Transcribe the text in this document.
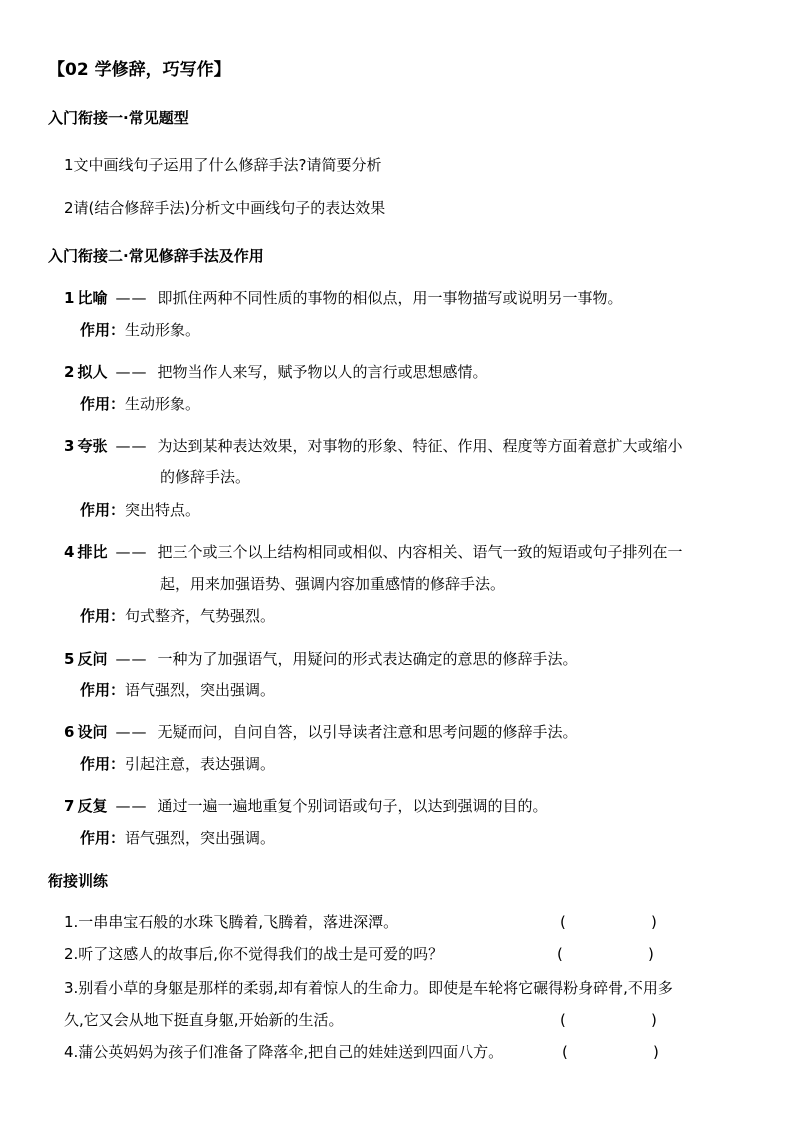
【02 学修辞，巧写作】
入门衔接一·常见题型
1文中画线句子运用了什么修辞手法?请简要分析
2请(结合修辞手法)分析文中画线句子的表达效果
入门衔接二·常见修辞手法及作用
1 比喻 —— 即抓住两种不同性质的事物的相似点，用一事物描写或说明另一事物。
作用：生动形象。
2 拟人 —— 把物当作人来写，赋予物以人的言行或思想感情。
作用：生动形象。
3 夸张 —— 为达到某种表达效果，对事物的形象、特征、作用、程度等方面着意扩大或缩小
的修辞手法。
作用：突出特点。
4 排比 —— 把三个或三个以上结构相同或相似、内容相关、语气一致的短语或句子排列在一
起，用来加强语势、强调内容加重感情的修辞手法。
作用：句式整齐，气势强烈。
5 反问 —— 一种为了加强语气，用疑问的形式表达确定的意思的修辞手法。
作用：语气强烈，突出强调。
6 设问 —— 无疑而问，自问自答，以引导读者注意和思考问题的修辞手法。
作用：引起注意，表达强调。
7 反复 —— 通过一遍一遍地重复个别词语或句子，以达到强调的目的。
作用：语气强烈，突出强调。
衔接训练
1.一串串宝石般的水珠飞腾着,飞腾着，落进深潭。	(	)
2.听了这感人的故事后,你不觉得我们的战士是可爱的吗？	(	)
3.别看小草的身躯是那样的柔弱,却有着惊人的生命力。即使是车轮将它碾得粉身碎骨,不用多
久,它又会从地下挺直身躯,开始新的生活。	(	)
4.蒲公英妈妈为孩子们准备了降落伞,把自己的娃娃送到四面八方。	(	)
